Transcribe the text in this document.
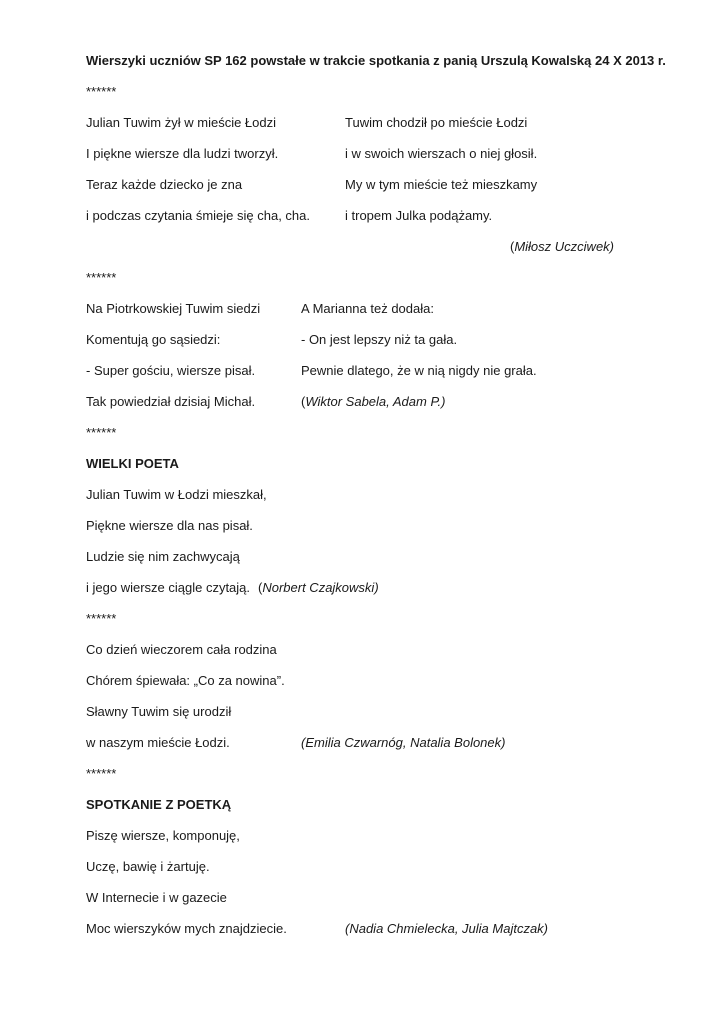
Wierszyki uczniów SP 162 powstałe w trakcie spotkania z panią Urszulą Kowalską 24 X 2013 r.
******
Julian Tuwim żył w mieście Łodzi
I piękne wiersze dla ludzi tworzył.
Teraz każde dziecko je zna
i podczas czytania śmieje się cha, cha.
Tuwim chodził po mieście Łodzi
i w swoich wierszach o niej głosił.
My w tym mieście też mieszkamy
i tropem Julka podążamy.
(Miłosz Uczciwek)
******
Na Piotrkowskiej Tuwim siedzi
Komentują go sąsiedzi:
- Super gościu, wiersze pisał.
Tak powiedział dzisiaj Michał.
A Marianna też dodała:
- On jest lepszy niż ta gała.
Pewnie dlatego, że w nią nigdy nie grała.
(Wiktor Sabela, Adam P.)
******
WIELKI POETA
Julian Tuwim w Łodzi mieszkał,
Piękne wiersze dla nas pisał.
Ludzie się nim zachwycają
i jego wiersze ciągle czytają. (Norbert Czajkowski)
******
Co dzień wieczorem cała rodzina
Chórem śpiewała: „Co za nowina”.
Sławny Tuwim się urodził
w naszym mieście Łodzi.	(Emilia Czwarnóg, Natalia Bolonek)
******
SPOTKANIE Z POETKĄ
Piszę wiersze, komponuję,
Uczę, bawię i żartuję.
W Internecie i w gazecie
Moc wierszyków mych znajdziecie.	(Nadia Chmielecka, Julia Majtczak)
